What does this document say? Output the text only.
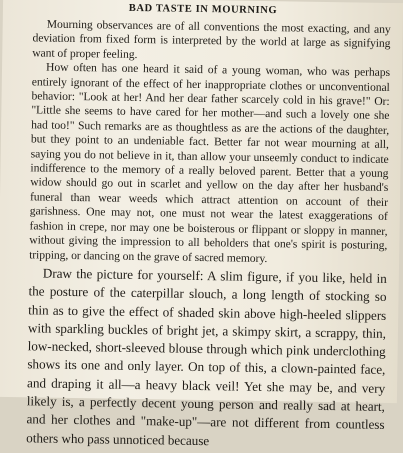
BAD TASTE IN MOURNING

Mourning observances are of all conventions the most exacting, and any deviation from fixed form is interpreted by the world at large as signifying want of proper feeling.

How often has one heard it said of a young woman, who was perhaps entirely ignorant of the effect of her inappropriate clothes or unconventional behavior: "Look at her! And her dear father scarcely cold in his grave!" Or: "Little she seems to have cared for her mother—and such a lovely one she had too!" Such remarks are as thoughtless as are the actions of the daughter, but they point to an undeniable fact. Better far not wear mourning at all, saying you do not believe in it, than allow your unseemly conduct to indicate indifference to the memory of a really beloved parent. Better that a young widow should go out in scarlet and yellow on the day after her husband's funeral than wear weeds which attract attention on account of their garishness. One may not, one must not wear the latest exaggerations of fashion in crepe, nor may one be boisterous or flippant or sloppy in manner, without giving the impression to all beholders that one's spirit is posturing, tripping, or dancing on the grave of sacred memory.

Draw the picture for yourself: A slim figure, if you like, held in the posture of the caterpillar slouch, a long length of stocking so thin as to give the effect of shaded skin above high-heeled slippers with sparkling buckles of bright jet, a skimpy skirt, a scrappy, thin, low-necked, short-sleeved blouse through which pink underclothing shows its one and only layer. On top of this, a clown-painted face, and draping it all—a heavy black veil! Yet she may be, and very likely is, a perfectly decent young person and really sad at heart, and her clothes and "make-up"—are not different from countless others who pass unnoticed because
